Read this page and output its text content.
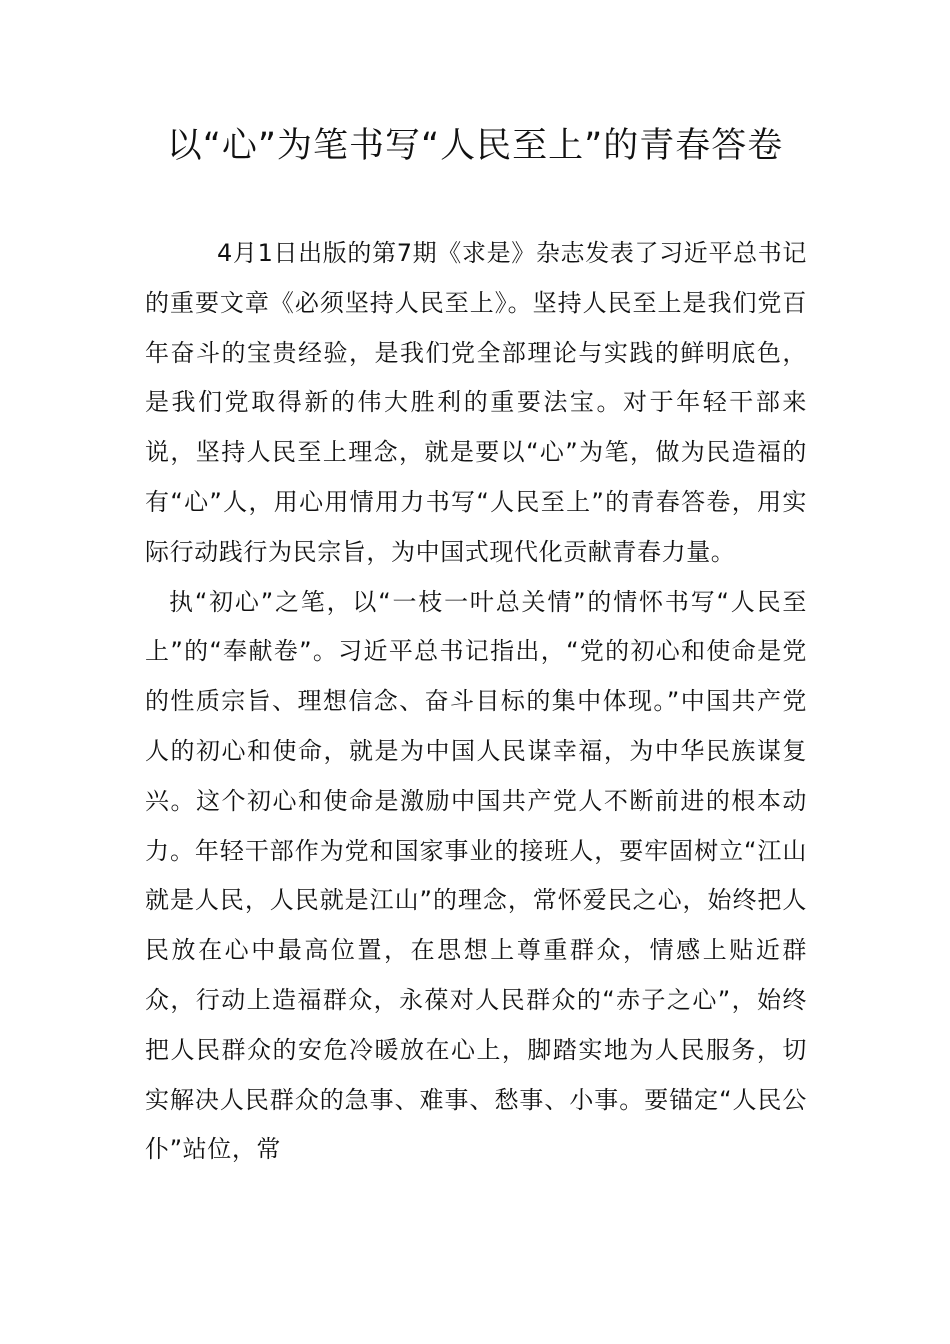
以“心”为笔书写“人民至上”的青春答卷

4月1日出版的第7期《求是》杂志发表了习近平总书记的重要文章《必须坚持人民至上》。坚持人民至上是我们党百年奋斗的宝贵经验，是我们党全部理论与实践的鲜明底色，是我们党取得新的伟大胜利的重要法宝。对于年轻干部来说，坚持人民至上理念，就是要以“心”为笔，做为民造福的有“心”人，用心用情用力书写“人民至上”的青春答卷，用实际行动践行为民宗旨，为中国式现代化贡献青春力量。

执“初心”之笔，以“一枝一叶总关情”的情怀书写“人民至上”的“奉献卷”。习近平总书记指出，“党的初心和使命是党的性质宗旨、理想信念、奋斗目标的集中体现。”中国共产党人的初心和使命，就是为中国人民谋幸福，为中华民族谋复兴。这个初心和使命是激励中国共产党人不断前进的根本动力。年轻干部作为党和国家事业的接班人，要牢固树立“江山就是人民，人民就是江山”的理念，常怀爱民之心，始终把人民放在心中最高位置，在思想上尊重群众，情感上贴近群众，行动上造福群众，永葆对人民群众的“赤子之心”，始终把人民群众的安危冷暖放在心上，脚踏实地为人民服务，切实解决人民群众的急事、难事、愁事、小事。要锚定“人民公仆”站位，常
